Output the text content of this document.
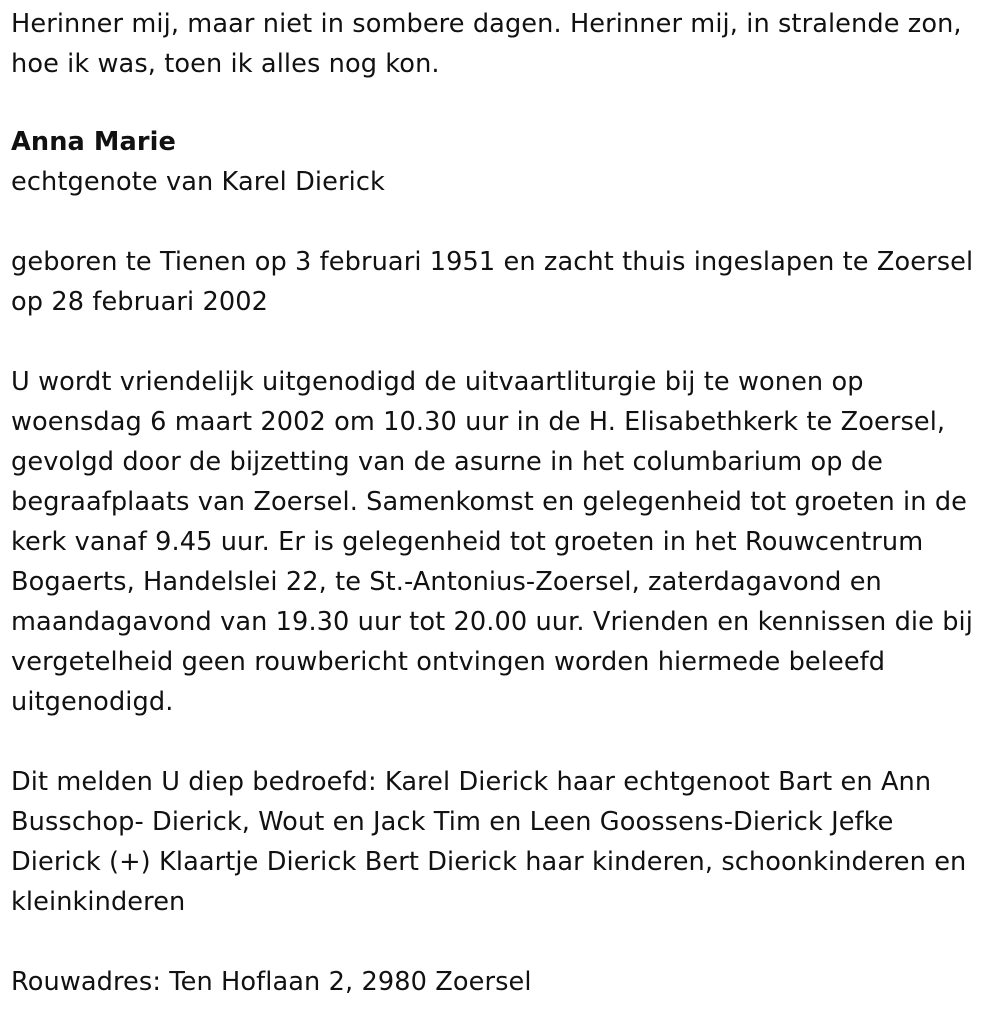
Herinner mij, maar niet in sombere dagen. Herinner mij, in stralende zon, hoe ik was, toen ik alles nog kon.

Anna Marie

echtgenote van Karel Dierick

geboren te Tienen op 3 februari 1951 en zacht thuis ingeslapen te Zoersel op 28 februari 2002

U wordt vriendelijk uitgenodigd de uitvaartliturgie bij te wonen op woensdag 6 maart 2002 om 10.30 uur in de H. Elisabethkerk te Zoersel, gevolgd door de bijzetting van de asurne in het columbarium op de begraafplaats van Zoersel. Samenkomst en gelegenheid tot groeten in de kerk vanaf 9.45 uur. Er is gelegenheid tot groeten in het Rouwcentrum Bogaerts, Handelslei 22, te St.-Antonius-Zoersel, zaterdagavond en maandagavond van 19.30 uur tot 20.00 uur. Vrienden en kennissen die bij vergetelheid geen rouwbericht ontvingen worden hiermede beleefd uitgenodigd.

Dit melden U diep bedroefd: Karel Dierick haar echtgenoot Bart en Ann Busschop- Dierick, Wout en Jack Tim en Leen Goossens-Dierick Jefke Dierick (+) Klaartje Dierick Bert Dierick haar kinderen, schoonkinderen en kleinkinderen

Rouwadres: Ten Hoflaan 2, 2980 Zoersel
